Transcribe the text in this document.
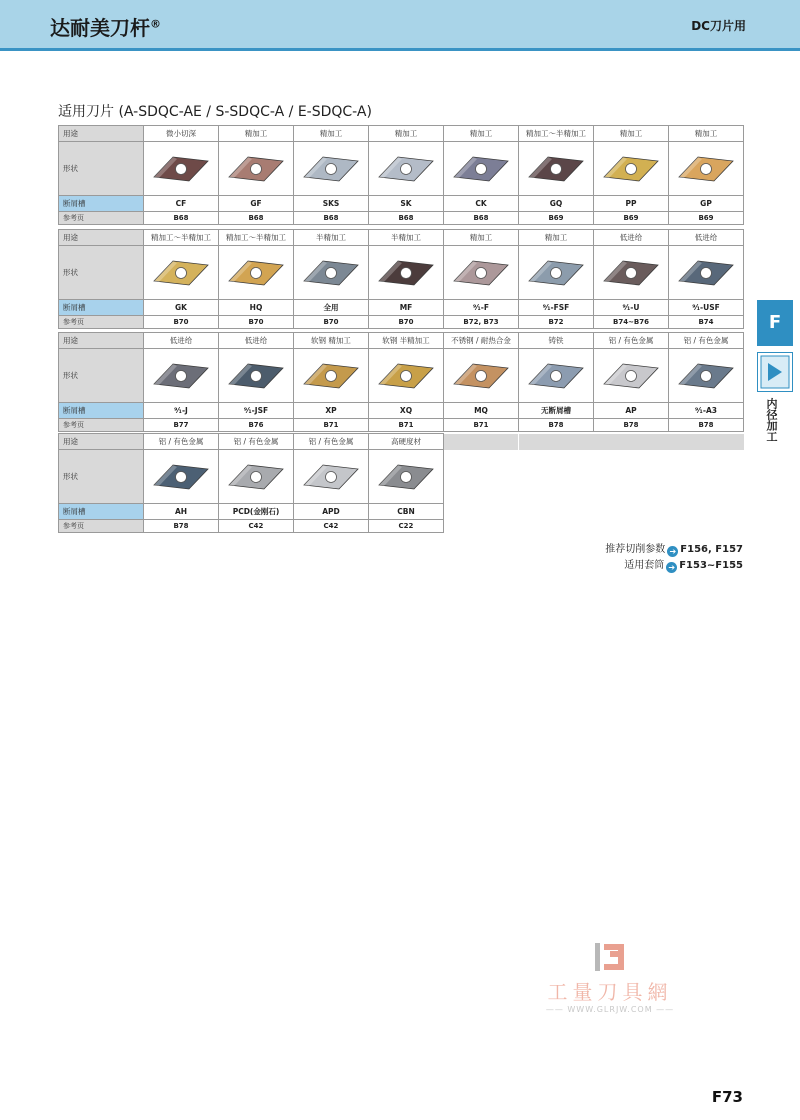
达耐美刀杆®	DC刀片用
适用刀片 (A-SDQC-AE / S-SDQC-A / E-SDQC-A)
用途	微小切深	精加工	精加工	精加工	精加工	精加工～半精加工	精加工	精加工
形状	

断屑槽	CF	GF	SKS	SK	CK	GQ	PP	GP
参考页	B68	B68	B68	B68	B68	B69	B69	B69
用途	精加工～半精加工	精加工～半精加工	半精加工	半精加工	精加工	精加工	低进给	低进给
形状	

断屑槽	GK	HQ	全用	MF	⁹⁄₁-F	⁹⁄₁-FSF	⁹⁄₁-U	⁹⁄₁-USF
参考页	B70	B70	B70	B70	B72, B73	B72	B74~B76	B74
用途	低进给	低进给	软钢 精加工	软钢 半精加工	不锈钢 / 耐热合金	铸铁	铝 / 有色金属	铝 / 有色金属
形状	

断屑槽	⁹⁄₁-J	⁹⁄₁-JSF	XP	XQ	MQ	无断屑槽	AP	⁹⁄₁-A3
参考页	B77	B76	B71	B71	B71	B78	B78	B78
用途	铝 / 有色金属	铝 / 有色金属	铝 / 有色金属	高硬度材				
形状	

断屑槽	AH	PCD(金刚石)	APD	CBN				
参考页	B78	C42	C42	C22				
F
内径加工
推荐切削参数 ➔ F156, F157
适用套筒 ➔ F153~F155
工量刀具網
—— WWW.GLRJW.COM ——
F73
